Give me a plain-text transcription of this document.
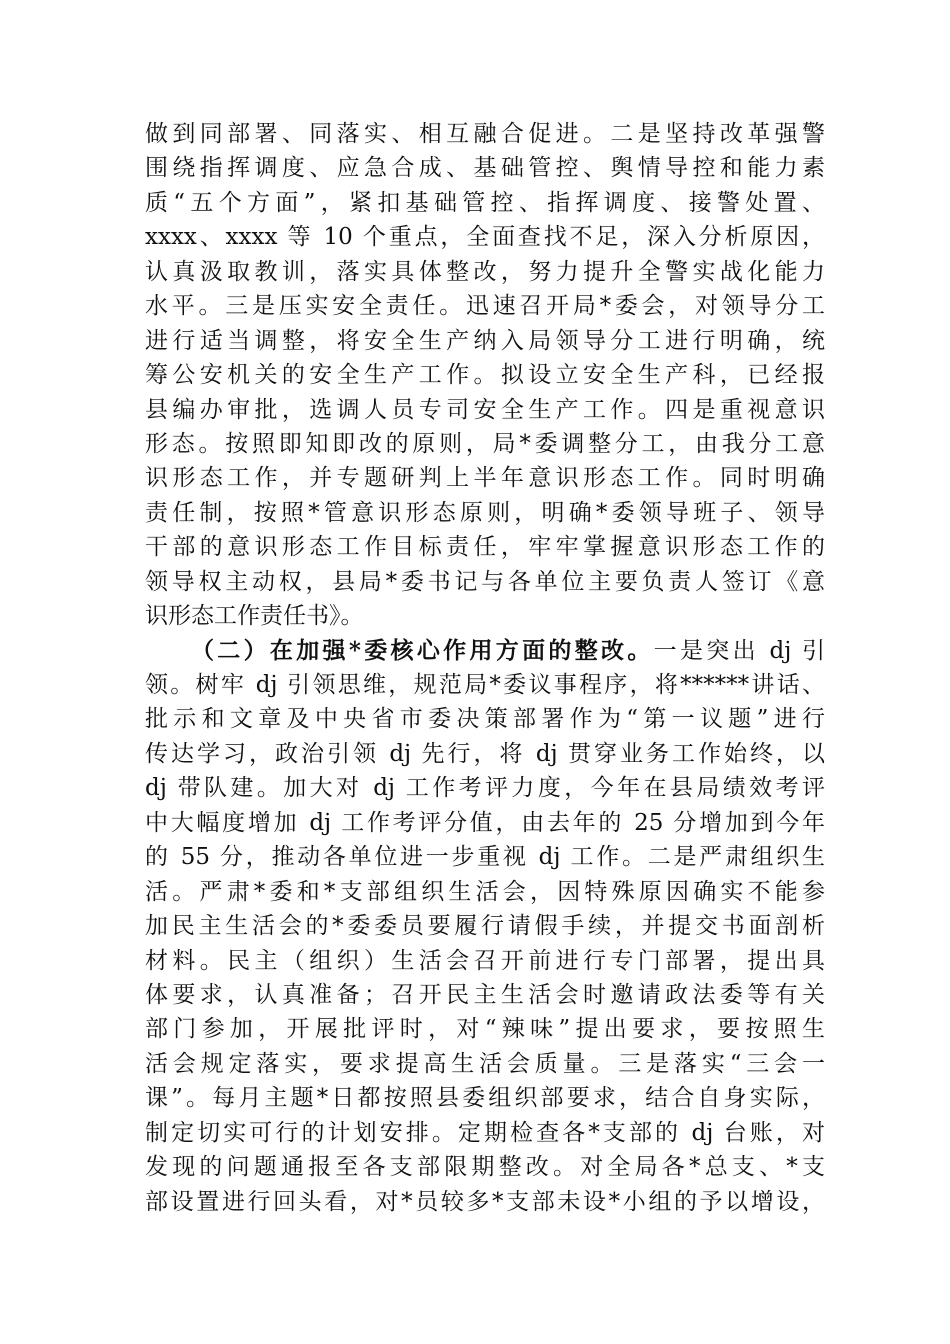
做到同部署、同落实、相互融合促进。二是坚持改革强警
围绕指挥调度、应急合成、基础管控、舆情导控和能力素
质“五个方面”，紧扣基础管控、指挥调度、接警处置、
xxxx、xxxx 等 10 个重点，全面查找不足，深入分析原因，
认真汲取教训，落实具体整改，努力提升全警实战化能力
水平。三是压实安全责任。迅速召开局*委会，对领导分工
进行适当调整，将安全生产纳入局领导分工进行明确，统
筹公安机关的安全生产工作。拟设立安全生产科，已经报
县编办审批，选调人员专司安全生产工作。四是重视意识
形态。按照即知即改的原则，局*委调整分工，由我分工意
识形态工作，并专题研判上半年意识形态工作。同时明确
责任制，按照*管意识形态原则，明确*委领导班子、领导
干部的意识形态工作目标责任，牢牢掌握意识形态工作的
领导权主动权，县局*委书记与各单位主要负责人签订《意
识形态工作责任书》。
（二）在加强*委核心作用方面的整改。一是突出 dj 引
领。树牢 dj 引领思维，规范局*委议事程序，将******讲话、
批示和文章及中央省市委决策部署作为“第一议题”进行
传达学习，政治引领 dj 先行，将 dj 贯穿业务工作始终，以
dj 带队建。加大对 dj 工作考评力度，今年在县局绩效考评
中大幅度增加 dj 工作考评分值，由去年的 25 分增加到今年
的 55 分，推动各单位进一步重视 dj 工作。二是严肃组织生
活。严肃*委和*支部组织生活会，因特殊原因确实不能参
加民主生活会的*委委员要履行请假手续，并提交书面剖析
材料。民主（组织）生活会召开前进行专门部署，提出具
体要求，认真准备；召开民主生活会时邀请政法委等有关
部门参加，开展批评时，对“辣味”提出要求，要按照生
活会规定落实，要求提高生活会质量。三是落实“三会一
课”。每月主题*日都按照县委组织部要求，结合自身实际，
制定切实可行的计划安排。定期检查各*支部的 dj 台账，对
发现的问题通报至各支部限期整改。对全局各*总支、*支
部设置进行回头看，对*员较多*支部未设*小组的予以增设，
